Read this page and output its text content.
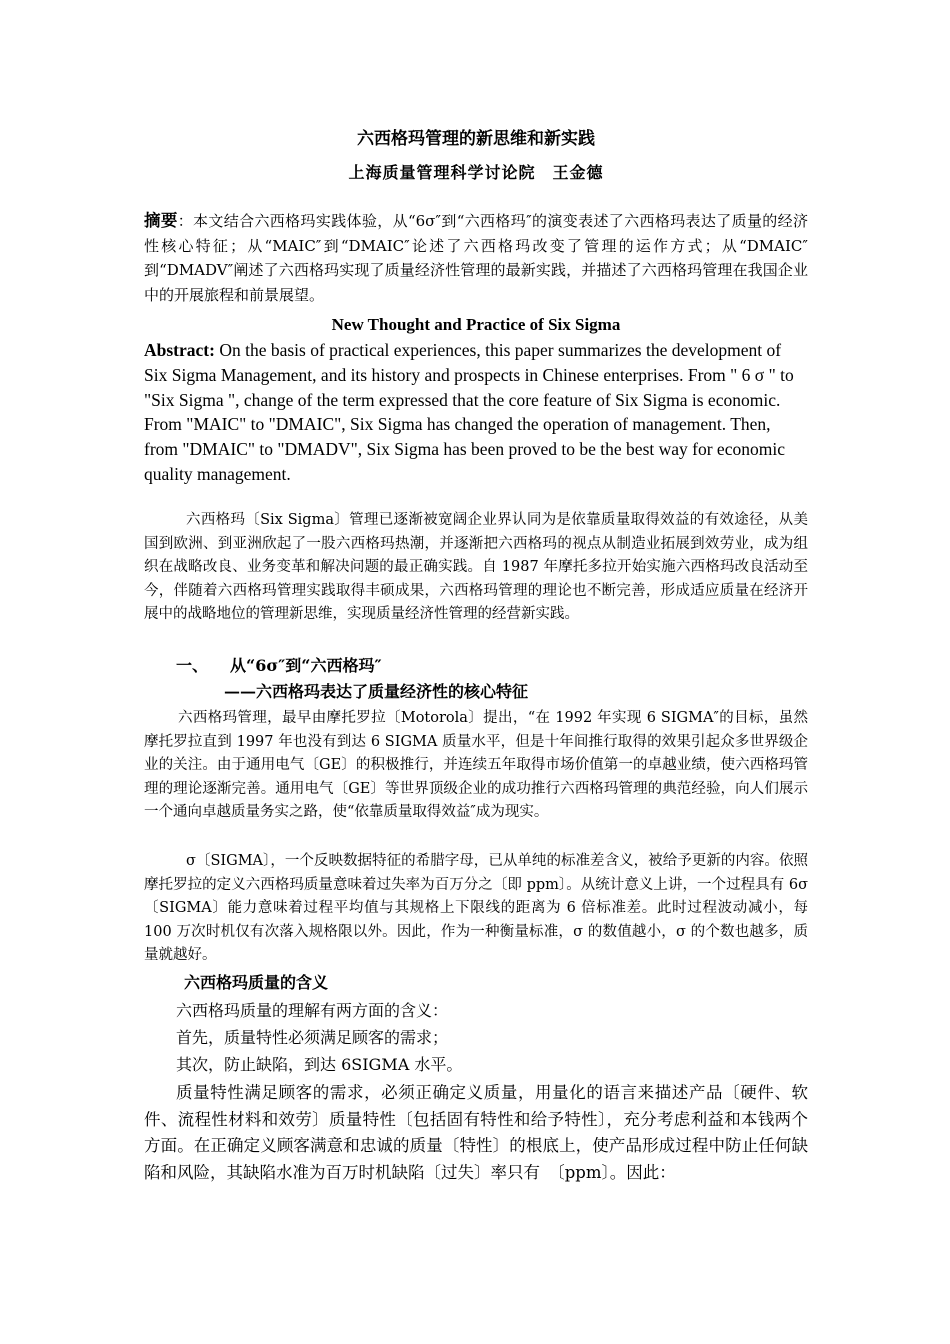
六西格玛管理的新思维和新实践
上海质量管理科学讨论院　王金德
摘要：本文结合六西格玛实践体验，从“6σ″到“六西格玛″的演变表述了六西格玛表达了质量的经济性核心特征；从“MAIC″到“DMAIC″论述了六西格玛改变了管理的运作方式；从“DMAIC″到“DMADV″阐述了六西格玛实现了质量经济性管理的最新实践，并描述了六西格玛管理在我国企业中的开展旅程和前景展望。
New Thought and Practice of Six Sigma
Abstract: On the basis of practical experiences, this paper summarizes the development of Six Sigma Management, and its history and prospects in Chinese enterprises. From " 6 σ " to "Six Sigma ", change of the term expressed that the core feature of Six Sigma is economic. From "MAIC" to "DMAIC", Six Sigma has changed the operation of management. Then, from "DMAIC" to "DMADV", Six Sigma has been proved to be the best way for economic quality management.
六西格玛〔Six Sigma〕管理已逐渐被宽阔企业界认同为是依靠质量取得效益的有效途径，从美国到欧洲、到亚洲欣起了一股六西格玛热潮，并逐渐把六西格玛的视点从制造业拓展到效劳业，成为组织在战略改良、业务变革和解决问题的最正确实践。自 1987 年摩托多拉开始实施六西格玛改良活动至今，伴随着六西格玛管理实践取得丰硕成果，六西格玛管理的理论也不断完善，形成适应质量在经济开展中的战略地位的管理新思维，实现质量经济性管理的经营新实践。
一、 从“6σ″到“六西格玛″
——六西格玛表达了质量经济性的核心特征
六西格玛管理，最早由摩托罗拉〔Motorola〕提出，“在 1992 年实现 6 SIGMA″的目标，虽然摩托罗拉直到 1997 年也没有到达 6 SIGMA 质量水平，但是十年间推行取得的效果引起众多世界级企业的关注。由于通用电气〔GE〕的积极推行，并连续五年取得市场价值第一的卓越业绩，使六西格玛管理的理论逐渐完善。通用电气〔GE〕等世界顶级企业的成功推行六西格玛管理的典范经验，向人们展示一个通向卓越质量务实之路，使“依靠质量取得效益″成为现实。
σ〔SIGMA〕，一个反映数据特征的希腊字母，已从单纯的标准差含义，被给予更新的内容。依照摩托罗拉的定义六西格玛质量意味着过失率为百万分之〔即 ppm〕。从统计意义上讲，一个过程具有 6σ〔SIGMA〕能力意味着过程平均值与其规格上下限线的距离为 6 倍标准差。此时过程波动减小，每 100 万次时机仅有次落入规格限以外。因此，作为一种衡量标准，σ 的数值越小，σ 的个数也越多，质量就越好。
六西格玛质量的含义
六西格玛质量的理解有两方面的含义：
首先，质量特性必须满足顾客的需求；
其次，防止缺陷，到达 6SIGMA 水平。
质量特性满足顾客的需求，必须正确定义质量，用量化的语言来描述产品〔硬件、软件、流程性材料和效劳〕质量特性〔包括固有特性和给予特性〕，充分考虑利益和本钱两个方面。在正确定义顾客满意和忠诚的质量〔特性〕的根底上，使产品形成过程中防止任何缺陷和风险，其缺陷水准为百万时机缺陷〔过失〕率只有　〔ppm〕。因此：
